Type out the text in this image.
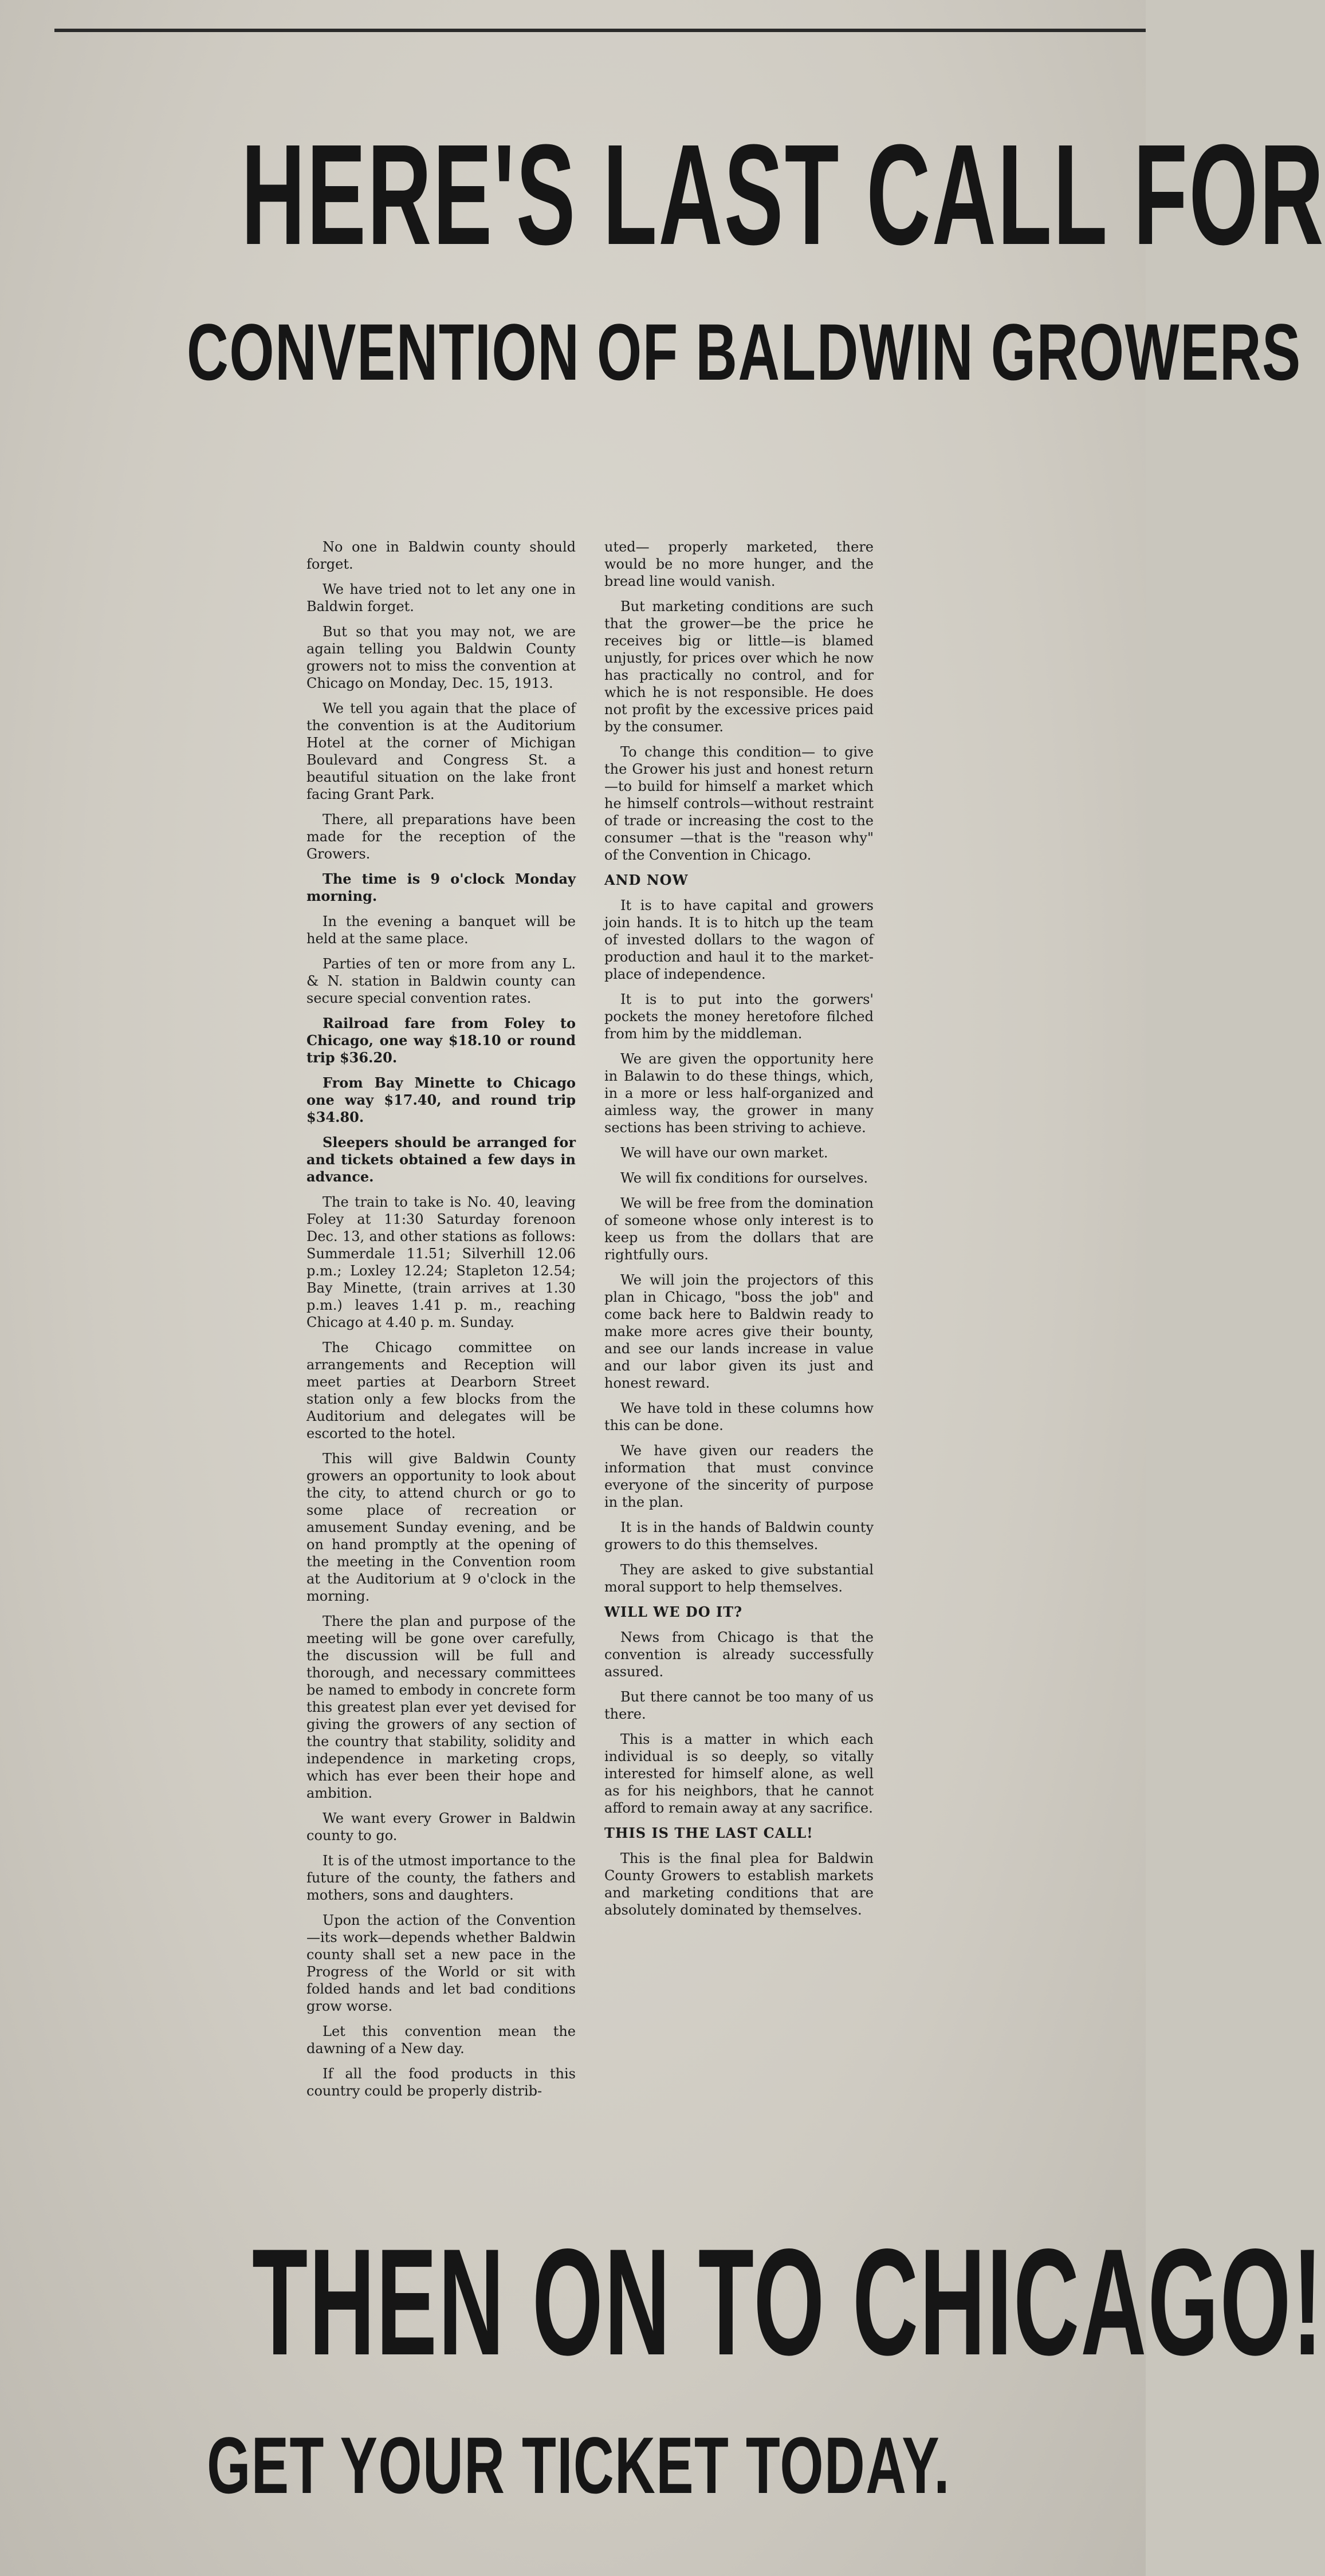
HERE'S LAST CALL FOR
CONVENTION OF BALDWIN GROWERS

No one in Baldwin county should forget.

We have tried not to let any one in Baldwin forget.

But so that you may not, we are again telling you Baldwin County growers not to miss the convention at Chicago on Monday, Dec. 15, 1913.

We tell you again that the place of the convention is at the Auditorium Hotel at the corner of Michigan Boulevard and Congress St. a beautiful situation on the lake front facing Grant Park.

There, all preparations have been made for the reception of the Growers.

The time is 9 o'clock Monday morning.

In the evening a banquet will be held at the same place.

Parties of ten or more from any L. & N. station in Baldwin county can secure special convention rates.

Railroad fare from Foley to Chicago, one way $18.10 or round trip $36.20.

From Bay Minette to Chicago one way $17.40, and round trip $34.80.

Sleepers should be arranged for and tickets obtained a few days in advance.

The train to take is No. 40, leaving Foley at 11:30 Saturday forenoon Dec. 13, and other stations as follows: Summerdale 11.51; Silverhill 12.06 p.m.; Loxley 12.24; Stapleton 12.54; Bay Minette, (train arrives at 1.30 p.m.) leaves 1.41 p. m., reaching Chicago at 4.40 p. m. Sunday.

The Chicago committee on arrangements and Reception will meet parties at Dearborn Street station only a few blocks from the Auditorium and delegates will be escorted to the hotel.

This will give Baldwin County growers an opportunity to look about the city, to attend church or go to some place of recreation or amusement Sunday evening, and be on hand promptly at the opening of the meeting in the Convention room at the Auditorium at 9 o'clock in the morning.

There the plan and purpose of the meeting will be gone over carefully, the discussion will be full and thorough, and necessary committees be named to embody in concrete form this greatest plan ever yet devised for giving the growers of any section of the country that stability, solidity and independence in marketing crops, which has ever been their hope and ambition.

We want every Grower in Baldwin county to go.

It is of the utmost importance to the future of the county, the fathers and mothers, sons and daughters.

Upon the action of the Convention—its work—depends whether Baldwin county shall set a new pace in the Progress of the World or sit with folded hands and let bad conditions grow worse.

Let this convention mean the dawning of a New day.

If all the food products in this country could be properly distrib-

uted— properly marketed, there would be no more hunger, and the bread line would vanish.

But marketing conditions are such that the grower—be the price he receives big or little—is blamed unjustly, for prices over which he now has practically no control, and for which he is not responsible. He does not profit by the excessive prices paid by the consumer.

To change this condition— to give the Grower his just and honest return—to build for himself a market which he himself controls—without restraint of trade or increasing the cost to the consumer —that is the "reason why" of the Convention in Chicago.

AND NOW

It is to have capital and growers join hands. It is to hitch up the team of invested dollars to the wagon of production and haul it to the market-place of independence.

It is to put into the gorwers' pockets the money heretofore filched from him by the middleman.

We are given the opportunity here in Balawin to do these things, which, in a more or less half-organized and aimless way, the grower in many sections has been striving to achieve.

We will have our own market.

We will fix conditions for ourselves.

We will be free from the domination of someone whose only interest is to keep us from the dollars that are rightfully ours.

We will join the projectors of this plan in Chicago, "boss the job" and come back here to Baldwin ready to make more acres give their bounty, and see our lands increase in value and our labor given its just and honest reward.

We have told in these columns how this can be done.

We have given our readers the information that must convince everyone of the sincerity of purpose in the plan.

It is in the hands of Baldwin county growers to do this themselves.

They are asked to give substantial moral support to help themselves.

WILL WE DO IT?

News from Chicago is that the convention is already successfully assured.

But there cannot be too many of us there.

This is a matter in which each individual is so deeply, so vitally interested for himself alone, as well as for his neighbors, that he cannot afford to remain away at any sacrifice.

THIS IS THE LAST CALL!

This is the final plea for Baldwin County Growers to establish markets and marketing conditions that are absolutely dominated by themselves.

THEN ON TO CHICAGO!
GET YOUR TICKET TODAY.
